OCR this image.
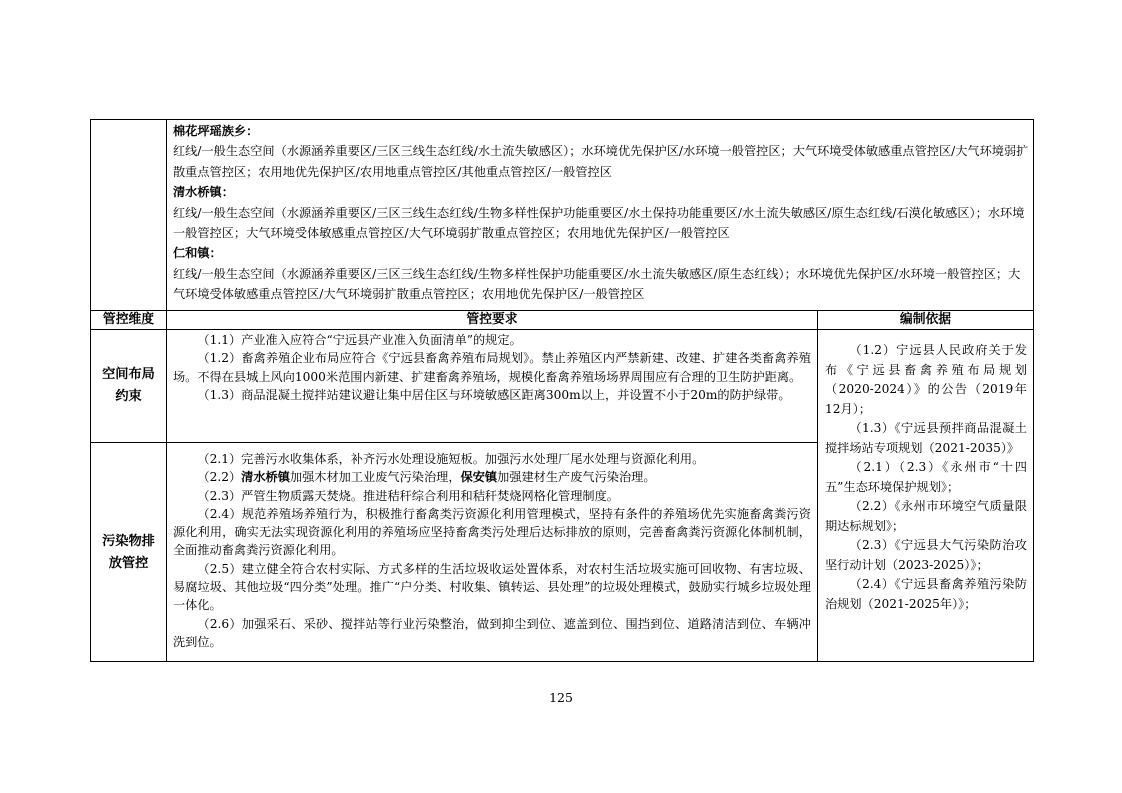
棉花坪瑶族乡：
红线/一般生态空间（水源涵养重要区/三区三线生态红线/水土流失敏感区）；水环境优先保护区/水环境一般管控区；大气环境受体敏感重点管控区/大气环境弱扩散重点管控区；农用地优先保护区/农用地重点管控区/其他重点管控区/一般管控区
清水桥镇：
红线/一般生态空间（水源涵养重要区/三区三线生态红线/生物多样性保护功能重要区/水土保持功能重要区/水土流失敏感区/原生态红线/石漠化敏感区）；水环境一般管控区；大气环境受体敏感重点管控区/大气环境弱扩散重点管控区；农用地优先保护区/一般管控区
仁和镇：
红线/一般生态空间（水源涵养重要区/三区三线生态红线/生物多样性保护功能重要区/水土流失敏感区/原生态红线）；水环境优先保护区/水环境一般管控区；大气环境受体敏感重点管控区/大气环境弱扩散重点管控区；农用地优先保护区/一般管控区
管控维度	管控要求	编制依据
空间布局约束

（1.1）产业准入应符合“宁远县产业准入负面清单”的规定。

（1.2）畜禽养殖企业布局应符合《宁远县畜禽养殖布局规划》。禁止养殖区内严禁新建、改建、扩建各类畜禽养殖场。不得在县城上风向1000米范围内新建、扩建畜禽养殖场，规模化畜禽养殖场场界周围应有合理的卫生防护距离。

（1.3）商品混凝土搅拌站建议避让集中居住区与环境敏感区距离300m以上，并设置不小于20m的防护绿带。

污染物排放管控

（2.1）完善污水收集体系，补齐污水处理设施短板。加强污水处理厂尾水处理与资源化利用。

（2.2）清水桥镇加强木材加工业废气污染治理，保安镇加强建材生产废气污染治理。

（2.3）严管生物质露天焚烧。推进秸秆综合利用和秸秆焚烧网格化管理制度。

（2.4）规范养殖场养殖行为，积极推行畜禽类污资源化利用管理模式，坚持有条件的养殖场优先实施畜禽粪污资源化利用，确实无法实现资源化利用的养殖场应坚持畜禽类污处理后达标排放的原则，完善畜禽粪污资源化体制机制，全面推动畜禽粪污资源化利用。

（2.5）建立健全符合农村实际、方式多样的生活垃圾收运处置体系，对农村生活垃圾实施可回收物、有害垃圾、易腐垃圾、其他垃圾“四分类”处理。推广“户分类、村收集、镇转运、县处理”的垃圾处理模式，鼓励实行城乡垃圾处理一体化。

（2.6）加强采石、采砂、搅拌站等行业污染整治，做到抑尘到位、遮盖到位、围挡到位、道路清洁到位、车辆冲洗到位。

（1.2）宁远县人民政府关于发布《宁远县畜禽养殖布局规划（2020-2024）》的公告（2019年12月）；

（1.3）《宁远县预拌商品混凝土搅拌场站专项规划（2021-2035）》

（2.1）（2.3）《永州市“十四五”生态环境保护规划》；

（2.2）《永州市环境空气质量限期达标规划》；

（2.3）《宁远县大气污染防治攻坚行动计划（2023-2025）》；

（2.4）《宁远县畜禽养殖污染防治规划（2021-2025年）》；

125
